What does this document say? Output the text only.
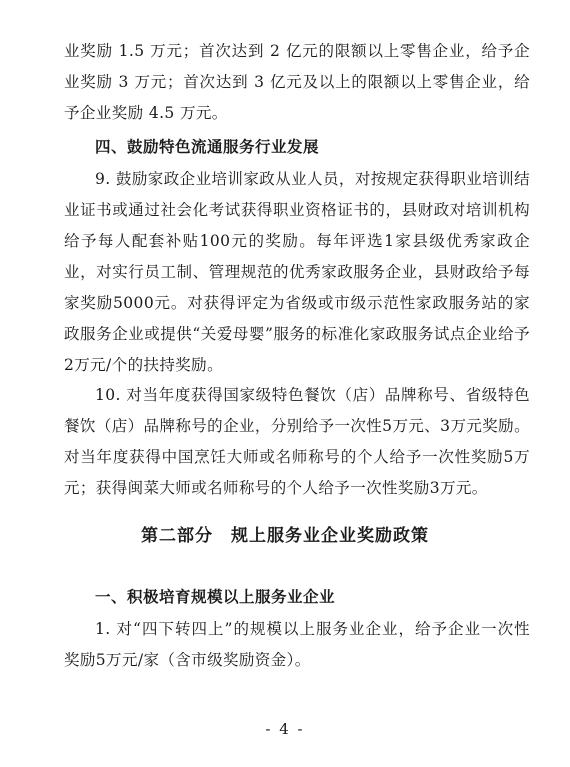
业奖励 1.5 万元；首次达到 2 亿元的限额以上零售企业，给予企业奖励 3 万元；首次达到 3 亿元及以上的限额以上零售企业，给予企业奖励 4.5 万元。

四、鼓励特色流通服务行业发展

9. 鼓励家政企业培训家政从业人员，对按规定获得职业培训结业证书或通过社会化考试获得职业资格证书的，县财政对培训机构给予每人配套补贴100元的奖励。每年评选1家县级优秀家政企业，对实行员工制、管理规范的优秀家政服务企业，县财政给予每家奖励5000元。对获得评定为省级或市级示范性家政服务站的家政服务企业或提供“关爱母婴”服务的标准化家政服务试点企业给予2万元/个的扶持奖励。

10. 对当年度获得国家级特色餐饮（店）品牌称号、省级特色餐饮（店）品牌称号的企业，分别给予一次性5万元、3万元奖励。对当年度获得中国烹饪大师或名师称号的个人给予一次性奖励5万元；获得闽菜大师或名师称号的个人给予一次性奖励3万元。

第二部分　规上服务业企业奖励政策
一、积极培育规模以上服务业企业

1. 对“四下转四上”的规模以上服务业企业，给予企业一次性奖励5万元/家（含市级奖励资金）。

- 4 -
